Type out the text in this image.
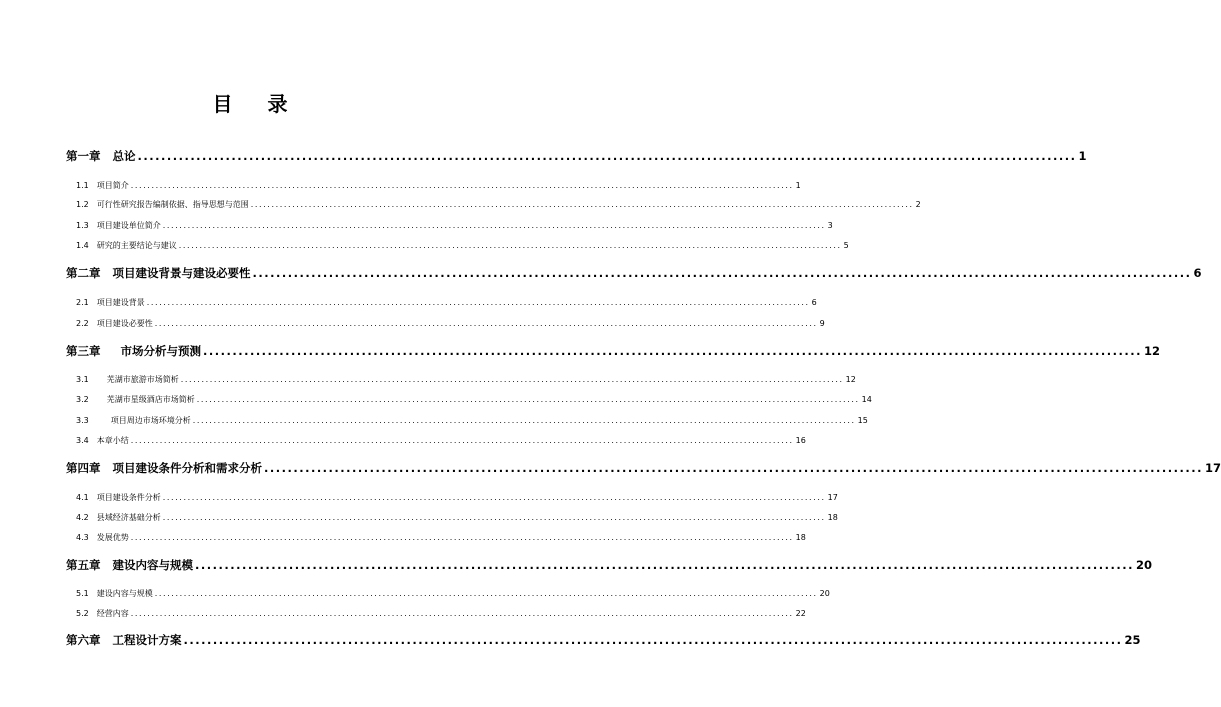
目 录
第一章 总论 ................................................................................................................................................................ 1
1.1 项目简介 ................................................................................................................................................................ 1
1.2 可行性研究报告编制依据、指导思想与范围 ................................................................................................................................................................ 2
1.3 项目建设单位简介 ................................................................................................................................................................ 3
1.4 研究的主要结论与建议 ................................................................................................................................................................ 5
第二章 项目建设背景与建设必要性 ................................................................................................................................................................ 6
2.1 项目建设背景 ................................................................................................................................................................ 6
2.2 项目建设必要性 ................................................................................................................................................................ 9
第三章 市场分析与预测 ................................................................................................................................................................ 12
3.1 芜湖市旅游市场简析 ................................................................................................................................................................ 12
3.2 芜湖市星级酒店市场简析 ................................................................................................................................................................ 14
3.3	项目周边市场环境分析 ................................................................................................................................................................ 15
3.4 本章小结 ................................................................................................................................................................ 16
第四章 项目建设条件分析和需求分析 ................................................................................................................................................................ 17
4.1 项目建设条件分析 ................................................................................................................................................................ 17
4.2 县域经济基础分析 ................................................................................................................................................................ 18
4.3 发展优势 ................................................................................................................................................................ 18
第五章 建设内容与规模 ................................................................................................................................................................ 20
5.1 建设内容与规模 ................................................................................................................................................................ 20
5.2 经营内容 ................................................................................................................................................................ 22
第六章 工程设计方案 ................................................................................................................................................................ 25
